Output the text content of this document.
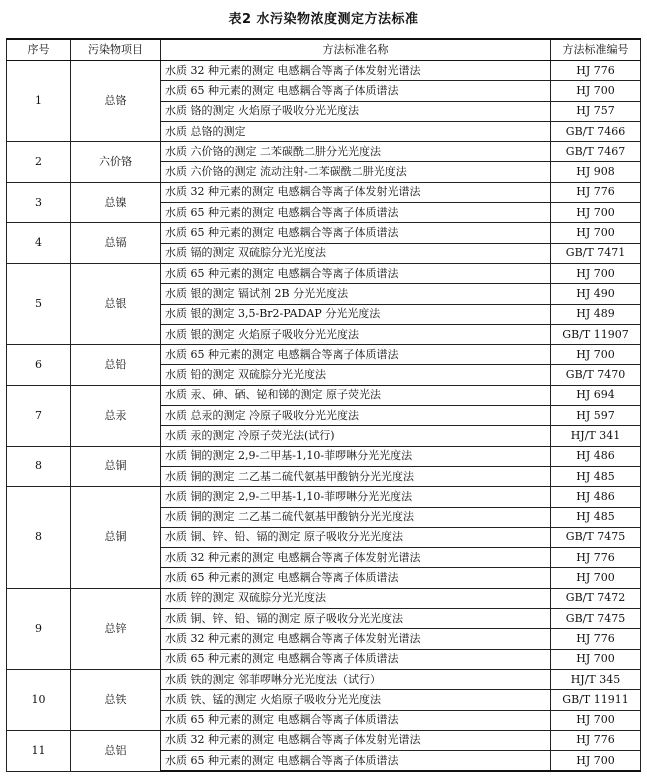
表2 水污染物浓度测定方法标准
序号	污染物项目	方法标准名称	方法标准编号
1	总铬	水质 32 种元素的测定 电感耦合等离子体发射光谱法	HJ 776
		水质 65 种元素的测定 电感耦合等离子体质谱法	HJ 700
		水质 铬的测定 火焰原子吸收分光光度法	HJ 757
		水质 总铬的测定	GB/T 7466
2	六价铬	水质 六价铬的测定 二苯碳酰二肼分光光度法	GB/T 7467
		水质 六价铬的测定 流动注射-二苯碳酰二肼光度法	HJ 908
3	总镍	水质 32 种元素的测定 电感耦合等离子体发射光谱法	HJ 776
		水质 65 种元素的测定 电感耦合等离子体质谱法	HJ 700
4	总镉	水质 65 种元素的测定 电感耦合等离子体质谱法	HJ 700
		水质 镉的测定 双硫腙分光光度法	GB/T 7471
5	总银	水质 65 种元素的测定 电感耦合等离子体质谱法	HJ 700
		水质 银的测定 镉试剂 2B 分光光度法	HJ 490
		水质 银的测定 3,5-Br2-PADAP 分光光度法	HJ 489
		水质 银的测定 火焰原子吸收分光光度法	GB/T 11907
6	总铅	水质 65 种元素的测定 电感耦合等离子体质谱法	HJ 700
		水质 铅的测定 双硫腙分光光度法	GB/T 7470
7	总汞	水质 汞、砷、硒、铋和锑的测定 原子荧光法	HJ 694
		水质 总汞的测定 冷原子吸收分光光度法	HJ 597
		水质 汞的测定 冷原子荧光法(试行)	HJ/T 341
8	总铜	水质 铜的测定 2,9-二甲基-1,10-菲啰啉分光光度法	HJ 486
		水质 铜的测定 二乙基二硫代氨基甲酸钠分光光度法	HJ 485
8	总铜	水质 铜的测定 2,9-二甲基-1,10-菲啰啉分光光度法	HJ 486
		水质 铜的测定 二乙基二硫代氨基甲酸钠分光光度法	HJ 485
		水质 铜、锌、铅、镉的测定 原子吸收分光光度法	GB/T 7475
		水质 32 种元素的测定 电感耦合等离子体发射光谱法	HJ 776
		水质 65 种元素的测定 电感耦合等离子体质谱法	HJ 700
9	总锌	水质 锌的测定 双硫腙分光光度法	GB/T 7472
		水质 铜、锌、铅、镉的测定 原子吸收分光光度法	GB/T 7475
		水质 32 种元素的测定 电感耦合等离子体发射光谱法	HJ 776
		水质 65 种元素的测定 电感耦合等离子体质谱法	HJ 700
10	总铁	水质 铁的测定 邻菲啰啉分光光度法（试行）	HJ/T 345
		水质 铁、锰的测定 火焰原子吸收分光光度法	GB/T 11911
		水质 65 种元素的测定 电感耦合等离子体质谱法	HJ 700
11	总铝	水质 32 种元素的测定 电感耦合等离子体发射光谱法	HJ 776
		水质 65 种元素的测定 电感耦合等离子体质谱法	HJ 700
